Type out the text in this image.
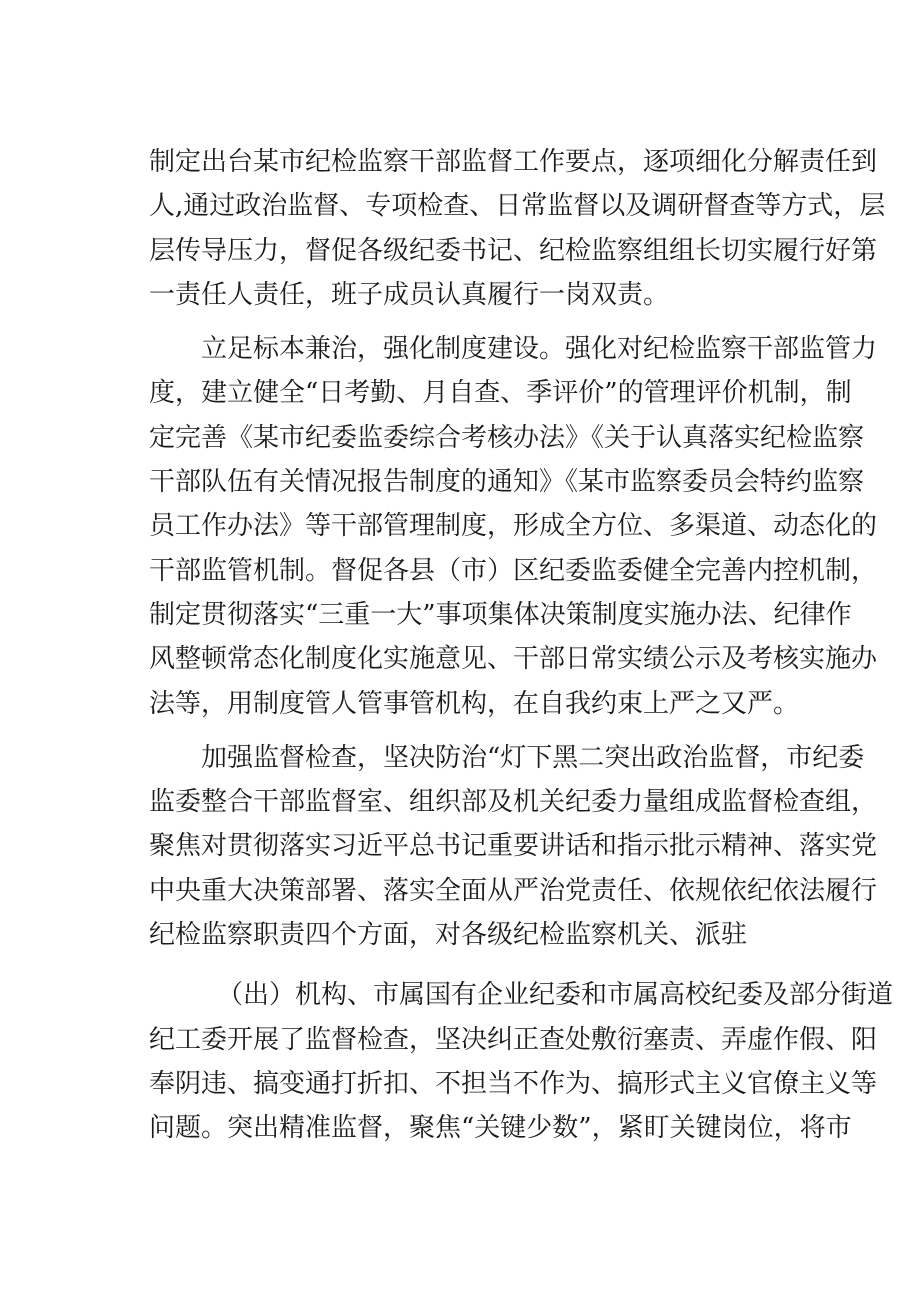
制定出台某市纪检监察干部监督工作要点，逐项细化分解责任到
人,通过政治监督、专项检查、日常监督以及调研督查等方式，层
层传导压力，督促各级纪委书记、纪检监察组组长切实履行好第
一责任人责任，班子成员认真履行一岗双责。
立足标本兼治，强化制度建设。强化对纪检监察干部监管力
度，建立健全“日考勤、月自查、季评价”的管理评价机制，制
定完善《某市纪委监委综合考核办法》《关于认真落实纪检监察
干部队伍有关情况报告制度的通知》《某市监察委员会特约监察
员工作办法》等干部管理制度，形成全方位、多渠道、动态化的
干部监管机制。督促各县（市）区纪委监委健全完善内控机制，
制定贯彻落实“三重一大”事项集体决策制度实施办法、纪律作
风整顿常态化制度化实施意见、干部日常实绩公示及考核实施办
法等，用制度管人管事管机构，在自我约束上严之又严。
加强监督检查，坚决防治“灯下黑二突出政治监督，市纪委
监委整合干部监督室、组织部及机关纪委力量组成监督检查组，
聚焦对贯彻落实习近平总书记重要讲话和指示批示精神、落实党
中央重大决策部署、落实全面从严治党责任、依规依纪依法履行
纪检监察职责四个方面，对各级纪检监察机关、派驻
（出）机构、市属国有企业纪委和市属高校纪委及部分街道
纪工委开展了监督检查，坚决纠正查处敷衍塞责、弄虚作假、阳
奉阴违、搞变通打折扣、不担当不作为、搞形式主义官僚主义等
问题。突出精准监督，聚焦“关键少数”，紧盯关键岗位，将市
